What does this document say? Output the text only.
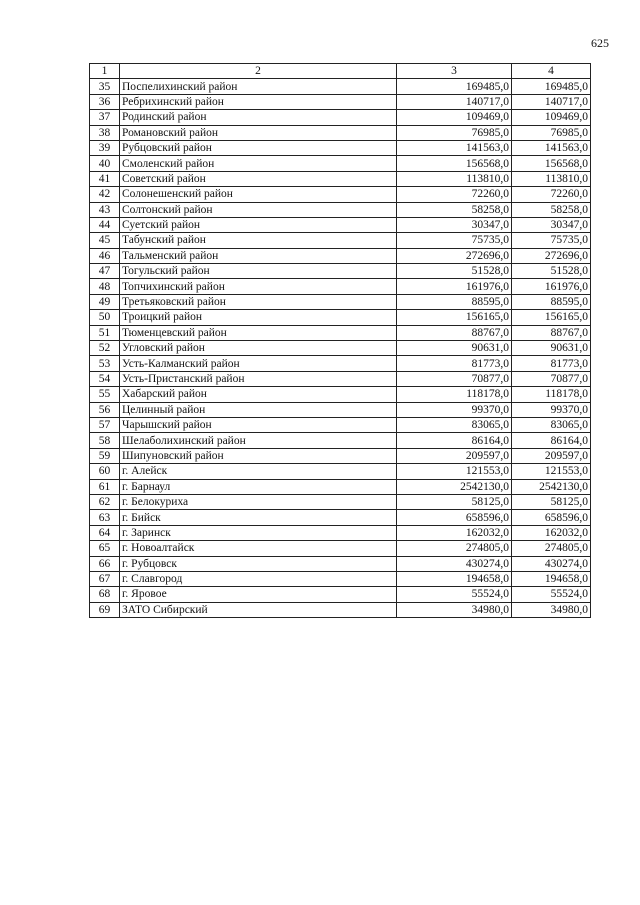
625
1	2	3	4
35	Поспелихинский район	169485,0	169485,0
36	Ребрихинский район	140717,0	140717,0
37	Родинский район	109469,0	109469,0
38	Романовский район	76985,0	76985,0
39	Рубцовский район	141563,0	141563,0
40	Смоленский район	156568,0	156568,0
41	Советский район	113810,0	113810,0
42	Солонешенский район	72260,0	72260,0
43	Солтонский район	58258,0	58258,0
44	Суетский район	30347,0	30347,0
45	Табунский район	75735,0	75735,0
46	Тальменский район	272696,0	272696,0
47	Тогульский район	51528,0	51528,0
48	Топчихинский район	161976,0	161976,0
49	Третьяковский район	88595,0	88595,0
50	Троицкий район	156165,0	156165,0
51	Тюменцевский район	88767,0	88767,0
52	Угловский район	90631,0	90631,0
53	Усть-Калманский район	81773,0	81773,0
54	Усть-Пристанский район	70877,0	70877,0
55	Хабарский район	118178,0	118178,0
56	Целинный район	99370,0	99370,0
57	Чарышский район	83065,0	83065,0
58	Шелаболихинский район	86164,0	86164,0
59	Шипуновский район	209597,0	209597,0
60	г. Алейск	121553,0	121553,0
61	г. Барнаул	2542130,0	2542130,0
62	г. Белокуриха	58125,0	58125,0
63	г. Бийск	658596,0	658596,0
64	г. Заринск	162032,0	162032,0
65	г. Новоалтайск	274805,0	274805,0
66	г. Рубцовск	430274,0	430274,0
67	г. Славгород	194658,0	194658,0
68	г. Яровое	55524,0	55524,0
69	ЗАТО Сибирский	34980,0	34980,0
